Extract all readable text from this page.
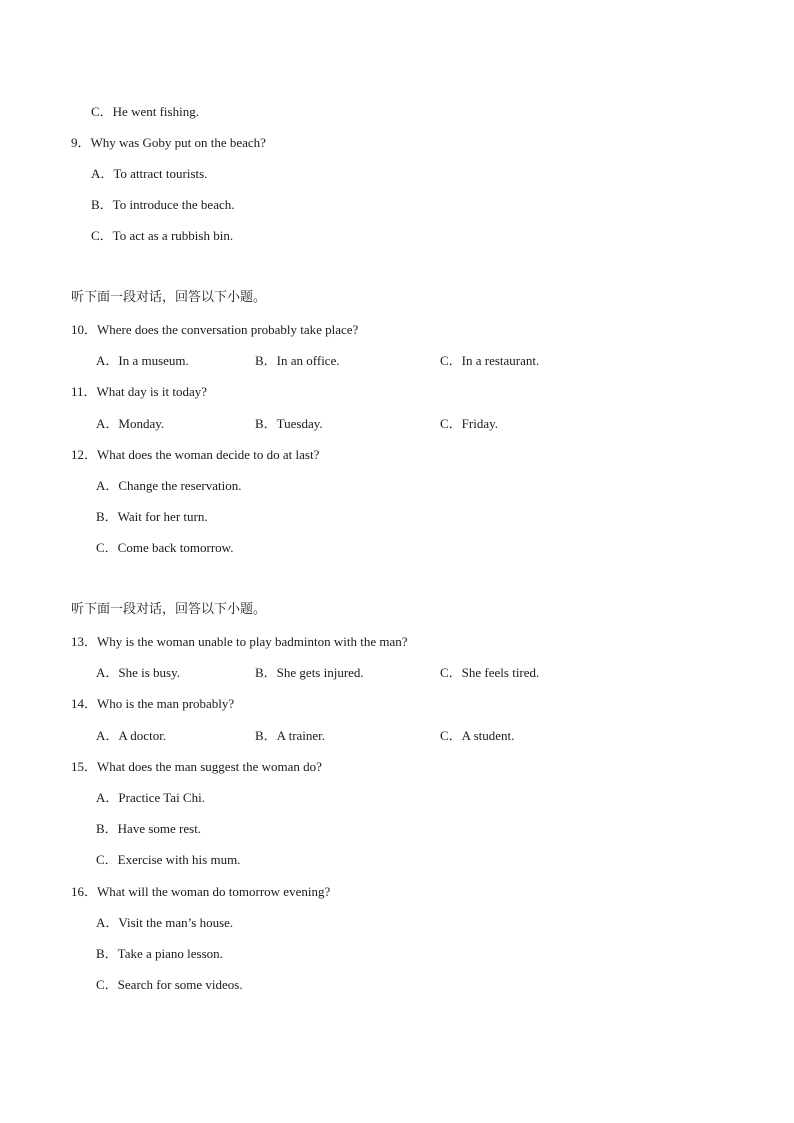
C．He went fishing.
9．Why was Goby put on the beach?
A．To attract tourists.
B．To introduce the beach.
C．To act as a rubbish bin.
听下面一段对话，回答以下小题。
10．Where does the conversation probably take place?
A．In a museum.	B．In an office.	C．In a restaurant.
11．What day is it today?
A．Monday.	B．Tuesday.	C．Friday.
12．What does the woman decide to do at last?
A．Change the reservation.
B．Wait for her turn.
C．Come back tomorrow.
听下面一段对话，回答以下小题。
13．Why is the woman unable to play badminton with the man?
A．She is busy.	B．She gets injured.	C．She feels tired.
14．Who is the man probably?
A．A doctor.	B．A trainer.	C．A student.
15．What does the man suggest the woman do?
A．Practice Tai Chi.
B．Have some rest.
C．Exercise with his mum.
16．What will the woman do tomorrow evening?
A．Visit the man’s house.
B．Take a piano lesson.
C．Search for some videos.
